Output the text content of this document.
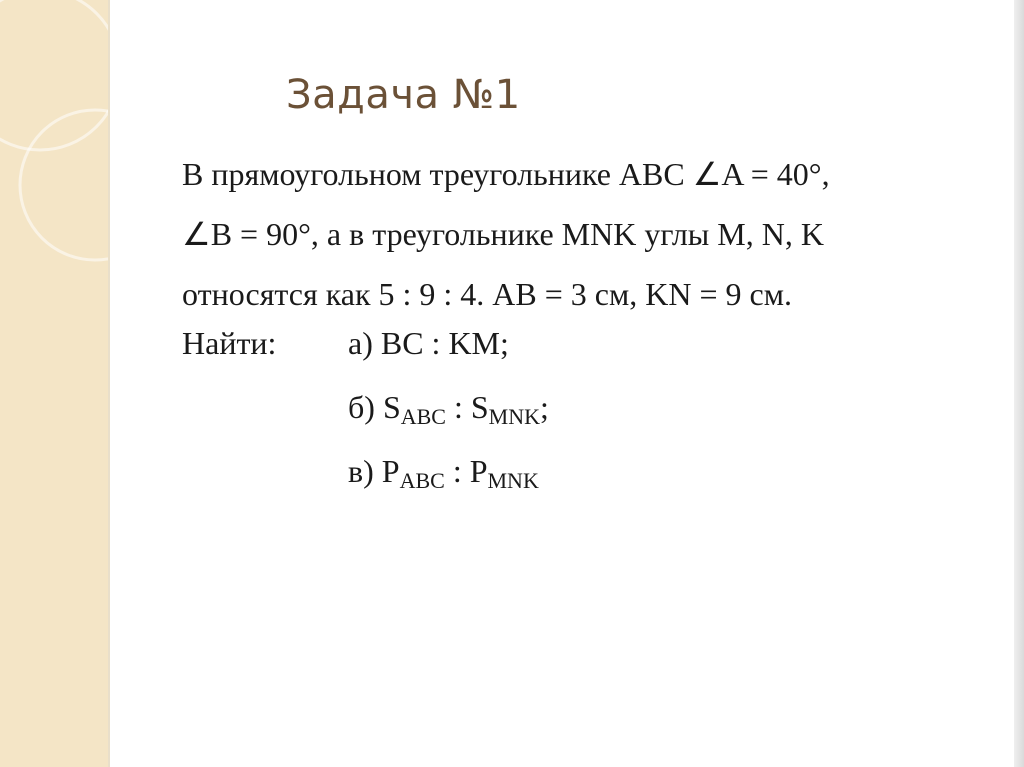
Задача №1
В прямоугольном треугольнике ABC ∠A = 40°,
∠B = 90°, а в треугольнике MNK углы M, N, K
относятся как 5 : 9 : 4. AB = 3 см, KN = 9 см.
Найти: а) BC : KM;
б) $S_{ABC}$ : $S_{MNK}$;
в) $P_{ABC}$ : $P_{MNK}$
